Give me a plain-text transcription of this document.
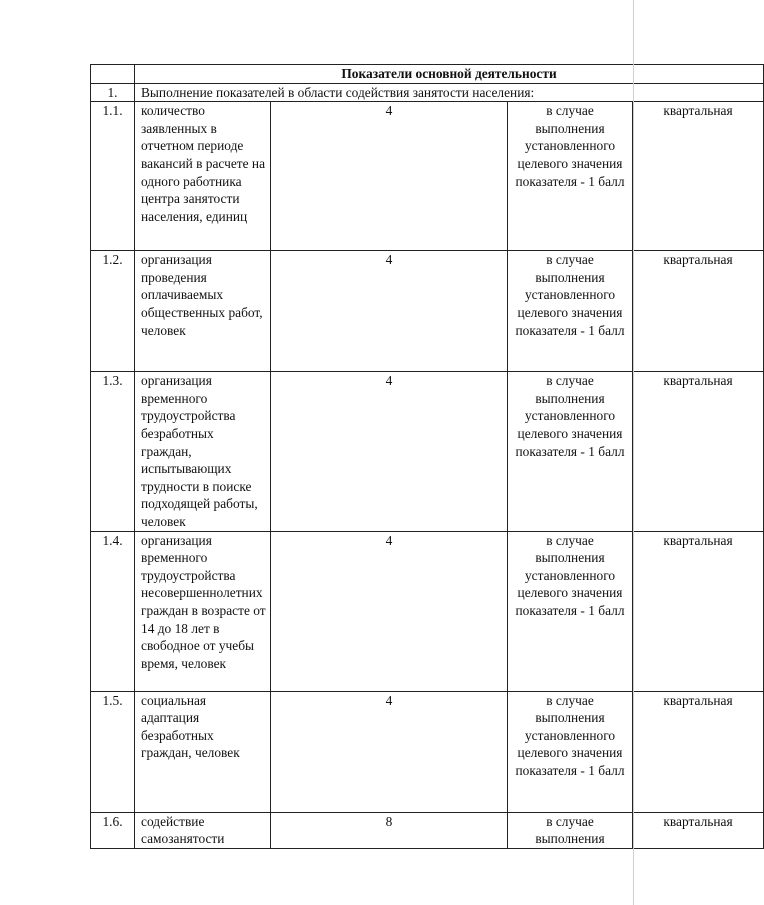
	Показатели основной деятельности			
1.	Выполнение показателей в области содействия занятости населения:			
1.1.	количество заявленных в отчетном периоде вакансий в расчете на одного работника центра занятости населения, единиц	4	в случае выполнения установленного целевого значения показателя - 1 балл	квартальная
1.2.	организация проведения оплачиваемых общественных работ, человек	4	в случае выполнения установленного целевого значения показателя - 1 балл	квартальная
1.3.	организация временного трудоустройства безработных граждан, испытывающих трудности в поиске подходящей работы, человек	4	в случае выполнения установленного целевого значения показателя - 1 балл	квартальная
1.4.	организация временного трудоустройства несовершеннолетних граждан в возрасте от 14 до 18 лет в свободное от учебы время, человек	4	в случае выполнения установленного целевого значения показателя - 1 балл	квартальная
1.5.	социальная адаптация безработных граждан, человек	4	в случае выполнения установленного целевого значения показателя - 1 балл	квартальная
1.6.	содействие самозанятости	8	в случае выполнения	квартальная
